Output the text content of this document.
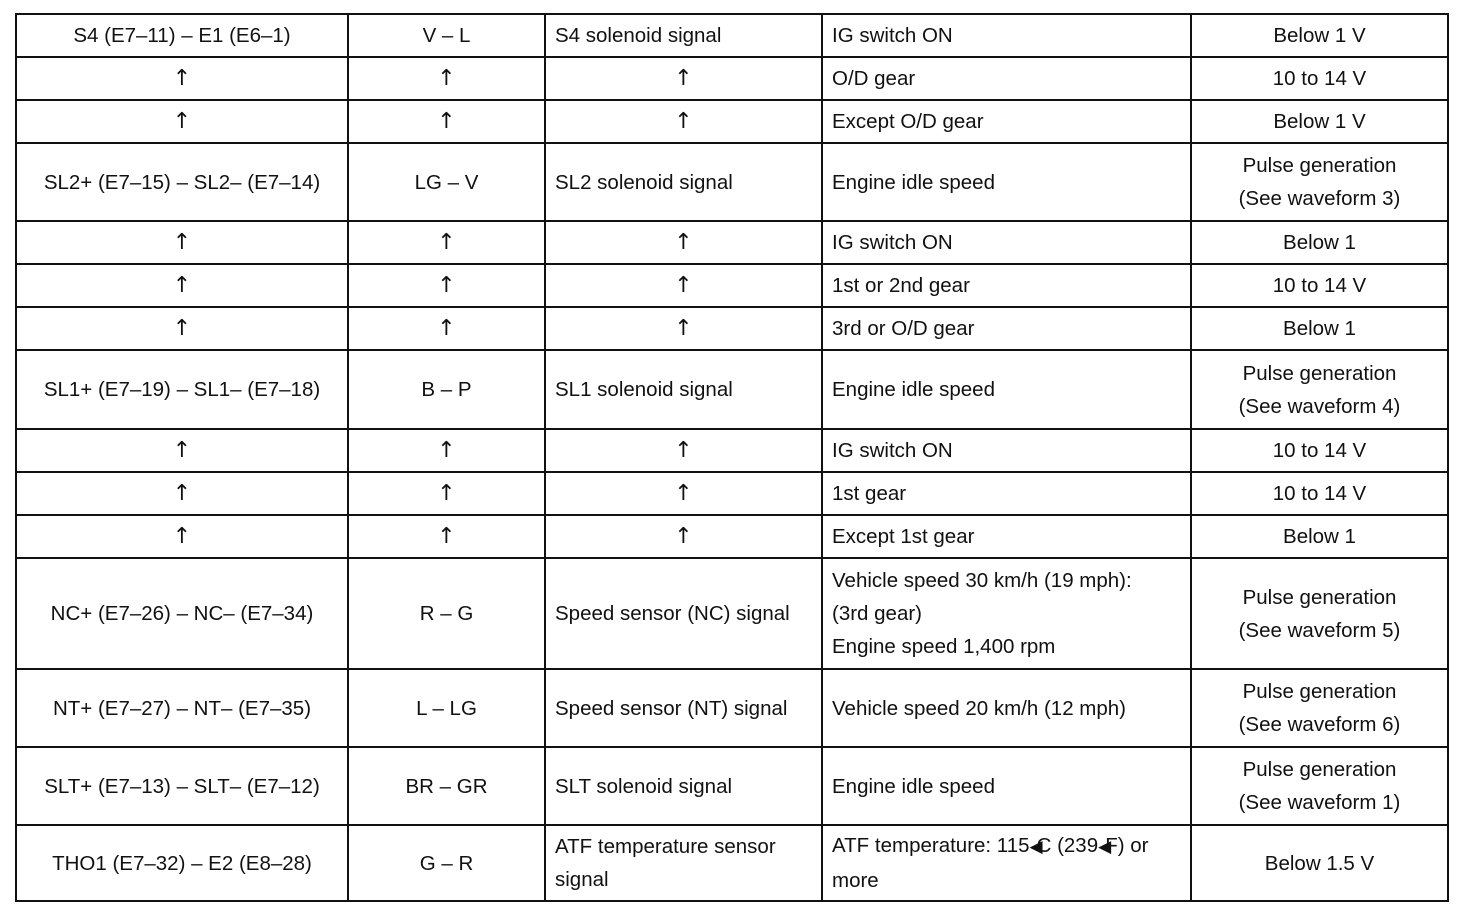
S4 (E7–11) – E1 (E6–1)	V – L	S4 solenoid signal	IG switch ON	Below 1 V

↑	↑	↑	O/D gear	10 to 14 V

↑	↑	↑	Except O/D gear	Below 1 V

SL2+ (E7–15) – SL2– (E7–14)	LG – V	SL2 solenoid signal	Engine idle speed	Pulse generation
(See waveform 3)

↑	↑	↑	IG switch ON	Below 1

↑	↑	↑	1st or 2nd gear	10 to 14 V

↑	↑	↑	3rd or O/D gear	Below 1

SL1+ (E7–19) – SL1– (E7–18)	B – P	SL1 solenoid signal	Engine idle speed	Pulse generation
(See waveform 4)

↑	↑	↑	IG switch ON	10 to 14 V

↑	↑	↑	1st gear	10 to 14 V

↑	↑	↑	Except 1st gear	Below 1

NC+ (E7–26) – NC– (E7–34)	R – G	Speed sensor (NC) signal	Vehicle speed 30 km/h (19 mph):
(3rd gear)
Engine speed 1,400 rpm	Pulse generation
(See waveform 5)

NT+ (E7–27) – NT– (E7–35)	L – LG	Speed sensor (NT) signal	Vehicle speed 20 km/h (12 mph)	Pulse generation
(See waveform 6)

SLT+ (E7–13) – SLT– (E7–12)	BR – GR	SLT solenoid signal	Engine idle speed	Pulse generation
(See waveform 1)

THO1 (E7–32) – E2 (E8–28)	G – R	ATF temperature sensor
signal	ATF temperature: 115◀C (239◀F) or
more	Below 1.5 V
